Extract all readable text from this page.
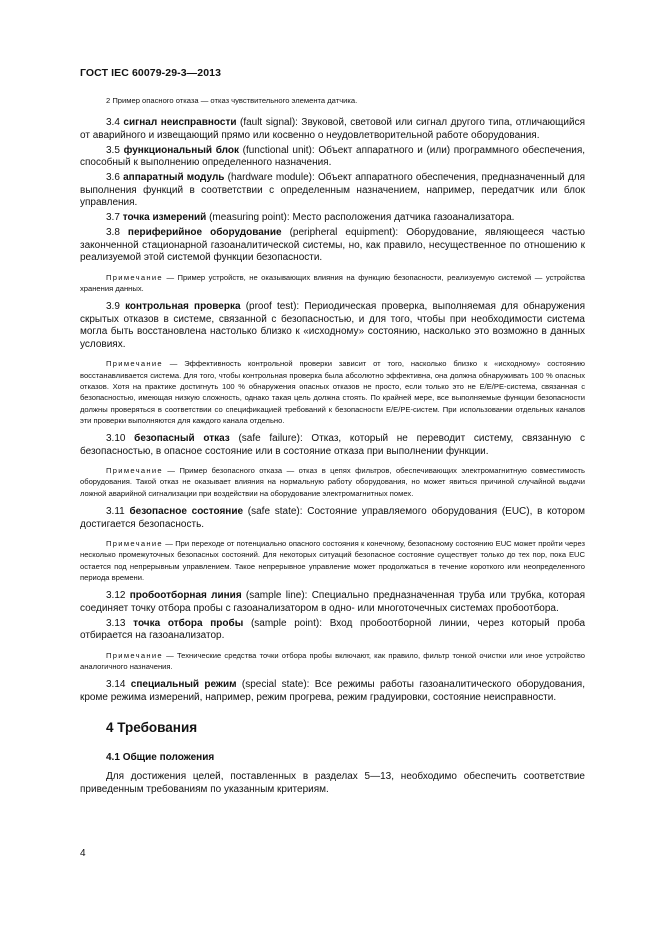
ГОСТ IEC 60079-29-3—2013

2 Пример опасного отказа — отказ чувствительного элемента датчика.

3.4 сигнал неисправности (fault signal): Звуковой, световой или сигнал другого типа, отличающийся от аварийного и извещающий прямо или косвенно о неудовлетворительной работе оборудования.

3.5 функциональный блок (functional unit): Объект аппаратного и (или) программного обеспечения, способный к выполнению определенного назначения.

3.6 аппаратный модуль (hardware module): Объект аппаратного обеспечения, предназначенный для выполнения функций в соответствии с определенным назначением, например, передатчик или блок управления.

3.7 точка измерений (measuring point): Место расположения датчика газоанализатора.

3.8 периферийное оборудование (peripheral equipment): Оборудование, являющееся частью законченной стационарной газоаналитической системы, но, как правило, несущественное по отношению к реализуемой этой системой функции безопасности.

Примечание — Пример устройств, не оказывающих влияния на функцию безопасности, реализуемую системой — устройства хранения данных.

3.9 контрольная проверка (proof test): Периодическая проверка, выполняемая для обнаружения скрытых отказов в системе, связанной с безопасностью, и для того, чтобы при необходимости система могла быть восстановлена настолько близко к «исходному» состоянию, насколько это возможно в данных условиях.

Примечание — Эффективность контрольной проверки зависит от того, насколько близко к «исходному» состоянию восстанавливается система. Для того, чтобы контрольная проверка была абсолютно эффективна, она должна обнаруживать 100 % опасных отказов. Хотя на практике достигнуть 100 % обнаружения опасных отказов не просто, если только это не E/E/PE-система, связанная с безопасностью, имеющая низкую сложность, однако такая цель должна стоять. По крайней мере, все выполняемые функции безопасности должны проверяться в соответствии со спецификацией требований к безопасности E/E/PE-систем. При использовании отдельных каналов эти проверки выполняются для каждого канала отдельно.

3.10 безопасный отказ (safe failure): Отказ, который не переводит систему, связанную с безопасностью, в опасное состояние или в состояние отказа при выполнении функции.

Примечание — Пример безопасного отказа — отказ в цепях фильтров, обеспечивающих электромагнитную совместимость оборудования. Такой отказ не оказывает влияния на нормальную работу оборудования, но может явиться причиной случайной выдачи ложной аварийной сигнализации при воздействии на оборудование электромагнитных помех.

3.11 безопасное состояние (safe state): Состояние управляемого оборудования (EUC), в котором достигается безопасность.

Примечание — При переходе от потенциально опасного состояния к конечному, безопасному состоянию EUC может пройти через несколько промежуточных безопасных состояний. Для некоторых ситуаций безопасное состояние существует только до тех пор, пока EUC остается под непрерывным управлением. Такое непрерывное управление может продолжаться в течение короткого или неопределенного периода времени.

3.12 пробоотборная линия (sample line): Специально предназначенная труба или трубка, которая соединяет точку отбора пробы с газоанализатором в одно- или многоточечных системах пробоотбора.

3.13 точка отбора пробы (sample point): Вход пробоотборной линии, через который проба отбирается на газоанализатор.

Примечание — Технические средства точки отбора пробы включают, как правило, фильтр тонкой очистки или иное устройство аналогичного назначения.

3.14 специальный режим (special state): Все режимы работы газоаналитического оборудования, кроме режима измерений, например, режим прогрева, режим градуировки, состояние неисправности.

4 Требования
4.1 Общие положения

Для достижения целей, поставленных в разделах 5—13, необходимо обеспечить соответствие приведенным требованиям по указанным критериям.

4
